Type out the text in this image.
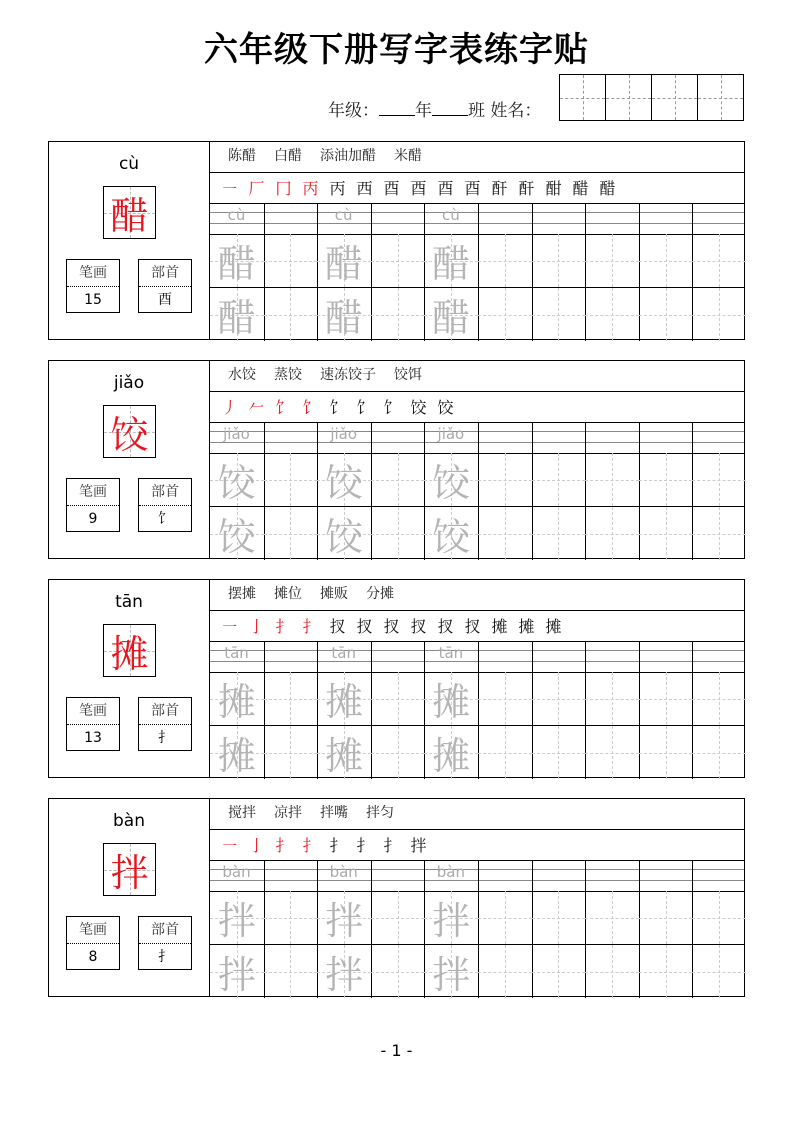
六年级下册写字表练字贴
年级： 年 班 姓名：
cù
醋
笔画
15
部首
酉
陈醋 白醋 添油加醋 米醋
㇐ 厂 冂 丙 丙 西 酉 酉 酉 酉 酐 酐 酣 醋 醋
cù	cù	cù
醋 醋 醋
醋 醋 醋
jiǎo
饺
笔画
9
部首
饣
水饺 蒸饺 速冻饺子 饺饵
丿 𠂉 饣 饣 饣 饣 饣 饺 饺
jiǎo	jiǎo	jiǎo
饺 饺 饺
饺 饺 饺
tān
摊
笔画
13
部首
扌
摆摊 摊位 摊贩 分摊
㇐ 亅 扌 扌 扠 扠 扠 扠 扠 扠 摊 摊 摊
tān	tān	tān
摊 摊 摊
摊 摊 摊
bàn
拌
笔画
8
部首
扌
搅拌 凉拌 拌嘴 拌匀
㇐ 亅 扌 扌 扌 扌 扌 拌
bàn	bàn	bàn
拌 拌 拌
拌 拌 拌
- 1 -
